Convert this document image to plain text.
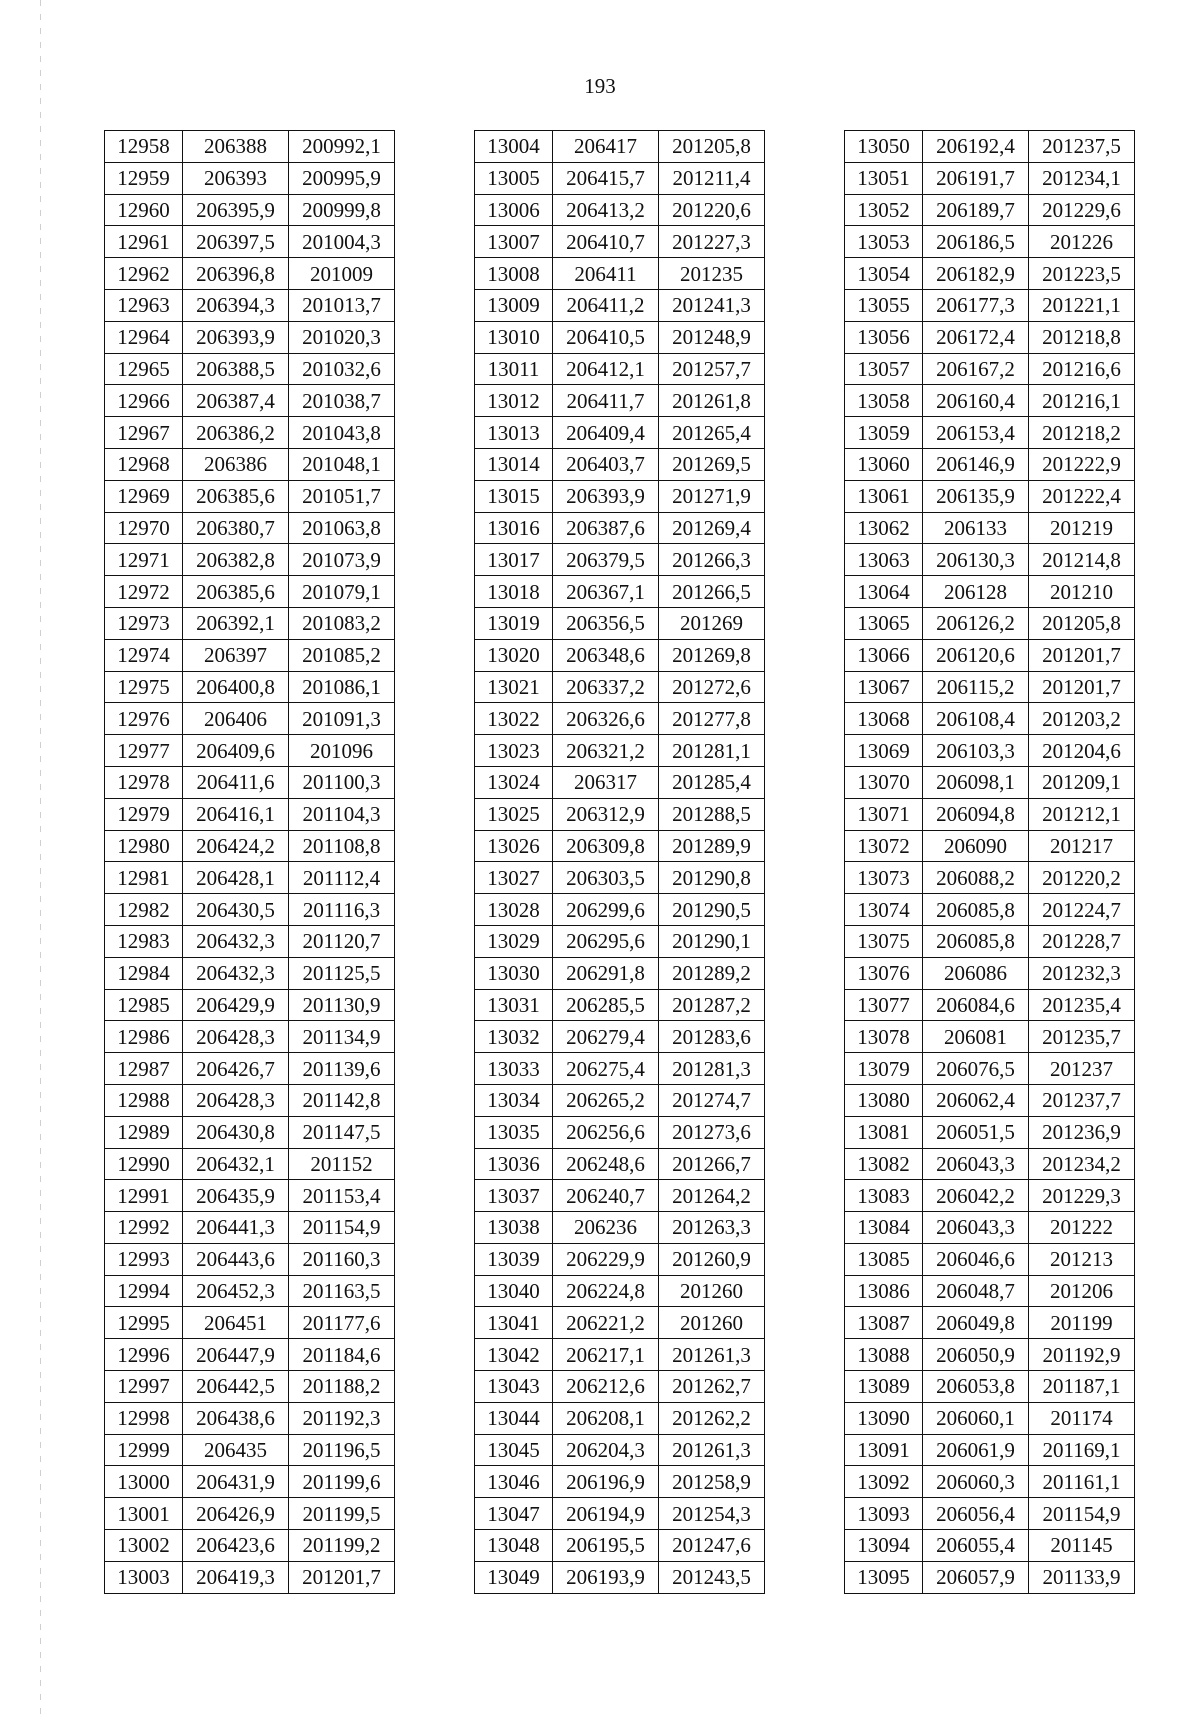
193
12958	206388	200992,1
12959	206393	200995,9
12960	206395,9	200999,8
12961	206397,5	201004,3
12962	206396,8	201009
12963	206394,3	201013,7
12964	206393,9	201020,3
12965	206388,5	201032,6
12966	206387,4	201038,7
12967	206386,2	201043,8
12968	206386	201048,1
12969	206385,6	201051,7
12970	206380,7	201063,8
12971	206382,8	201073,9
12972	206385,6	201079,1
12973	206392,1	201083,2
12974	206397	201085,2
12975	206400,8	201086,1
12976	206406	201091,3
12977	206409,6	201096
12978	206411,6	201100,3
12979	206416,1	201104,3
12980	206424,2	201108,8
12981	206428,1	201112,4
12982	206430,5	201116,3
12983	206432,3	201120,7
12984	206432,3	201125,5
12985	206429,9	201130,9
12986	206428,3	201134,9
12987	206426,7	201139,6
12988	206428,3	201142,8
12989	206430,8	201147,5
12990	206432,1	201152
12991	206435,9	201153,4
12992	206441,3	201154,9
12993	206443,6	201160,3
12994	206452,3	201163,5
12995	206451	201177,6
12996	206447,9	201184,6
12997	206442,5	201188,2
12998	206438,6	201192,3
12999	206435	201196,5
13000	206431,9	201199,6
13001	206426,9	201199,5
13002	206423,6	201199,2
13003	206419,3	201201,7
13004	206417	201205,8
13005	206415,7	201211,4
13006	206413,2	201220,6
13007	206410,7	201227,3
13008	206411	201235
13009	206411,2	201241,3
13010	206410,5	201248,9
13011	206412,1	201257,7
13012	206411,7	201261,8
13013	206409,4	201265,4
13014	206403,7	201269,5
13015	206393,9	201271,9
13016	206387,6	201269,4
13017	206379,5	201266,3
13018	206367,1	201266,5
13019	206356,5	201269
13020	206348,6	201269,8
13021	206337,2	201272,6
13022	206326,6	201277,8
13023	206321,2	201281,1
13024	206317	201285,4
13025	206312,9	201288,5
13026	206309,8	201289,9
13027	206303,5	201290,8
13028	206299,6	201290,5
13029	206295,6	201290,1
13030	206291,8	201289,2
13031	206285,5	201287,2
13032	206279,4	201283,6
13033	206275,4	201281,3
13034	206265,2	201274,7
13035	206256,6	201273,6
13036	206248,6	201266,7
13037	206240,7	201264,2
13038	206236	201263,3
13039	206229,9	201260,9
13040	206224,8	201260
13041	206221,2	201260
13042	206217,1	201261,3
13043	206212,6	201262,7
13044	206208,1	201262,2
13045	206204,3	201261,3
13046	206196,9	201258,9
13047	206194,9	201254,3
13048	206195,5	201247,6
13049	206193,9	201243,5
13050	206192,4	201237,5
13051	206191,7	201234,1
13052	206189,7	201229,6
13053	206186,5	201226
13054	206182,9	201223,5
13055	206177,3	201221,1
13056	206172,4	201218,8
13057	206167,2	201216,6
13058	206160,4	201216,1
13059	206153,4	201218,2
13060	206146,9	201222,9
13061	206135,9	201222,4
13062	206133	201219
13063	206130,3	201214,8
13064	206128	201210
13065	206126,2	201205,8
13066	206120,6	201201,7
13067	206115,2	201201,7
13068	206108,4	201203,2
13069	206103,3	201204,6
13070	206098,1	201209,1
13071	206094,8	201212,1
13072	206090	201217
13073	206088,2	201220,2
13074	206085,8	201224,7
13075	206085,8	201228,7
13076	206086	201232,3
13077	206084,6	201235,4
13078	206081	201235,7
13079	206076,5	201237
13080	206062,4	201237,7
13081	206051,5	201236,9
13082	206043,3	201234,2
13083	206042,2	201229,3
13084	206043,3	201222
13085	206046,6	201213
13086	206048,7	201206
13087	206049,8	201199
13088	206050,9	201192,9
13089	206053,8	201187,1
13090	206060,1	201174
13091	206061,9	201169,1
13092	206060,3	201161,1
13093	206056,4	201154,9
13094	206055,4	201145
13095	206057,9	201133,9
